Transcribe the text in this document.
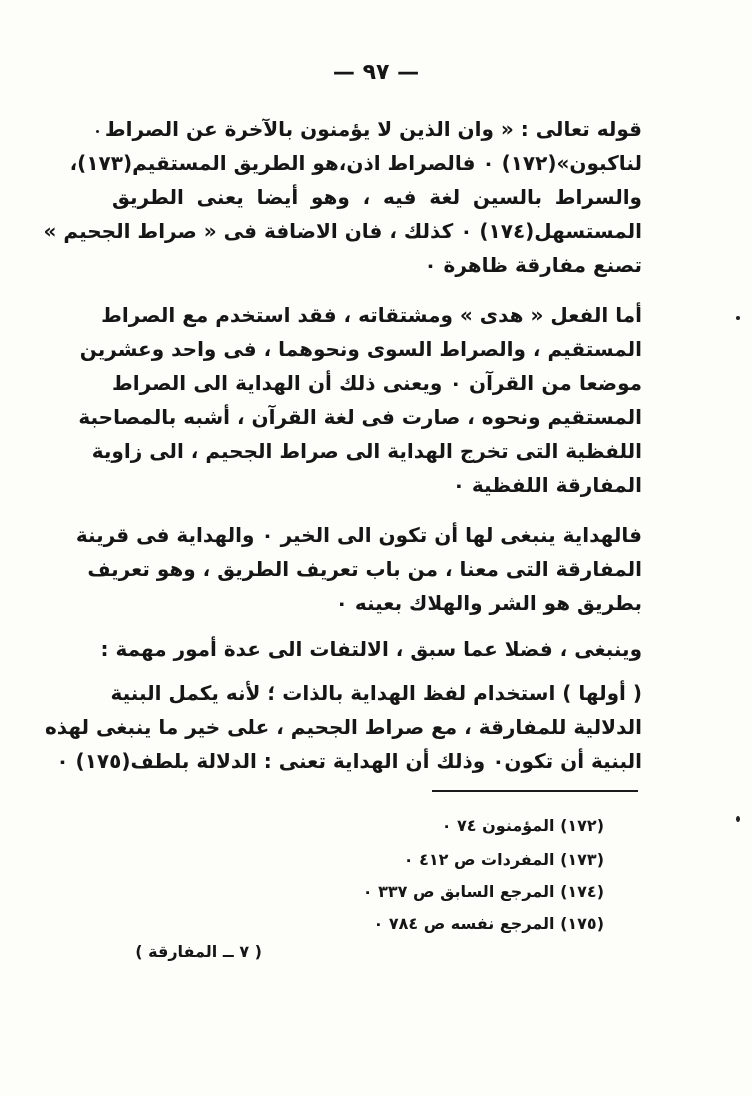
— ٩٧ —
قوله تعالى : « وان الذين لا يؤمنون بالآخرة عن الصراط
لناكبون»(١٧٢) ٠ فالصراط اذن،هو الطريق المستقيم(١٧٣)،
والسراط بالسين لغة فيه ، وهو أيضا يعنى الطريق
المستسهل(١٧٤) ٠ كذلك ، فان الاضافة فى « صراط الجحيم »
تصنع مفارقة ظاهرة ٠
أما الفعل « هدى » ومشتقاته ، فقد استخدم مع الصراط
المستقيم ، والصراط السوى ونحوهما ، فى واحد وعشرين
موضعا من القرآن ٠ ويعنى ذلك أن الهداية الى الصراط
المستقيم ونحوه ، صارت فى لغة القرآن ، أشبه بالمصاحبة
اللفظية التى تخرج الهداية الى صراط الجحيم ، الى زاوية
المفارقة اللفظية ٠
فالهداية ينبغى لها أن تكون الى الخير ٠ والهداية فى قرينة
المفارقة التى معنا ، من باب تعريف الطريق ، وهو تعريف
بطريق هو الشر والهلاك بعينه ٠
وينبغى ، فضلا عما سبق ، الالتفات الى عدة أمور مهمة :
( أولها ) استخدام لفظ الهداية بالذات ؛ لأنه يكمل البنية
الدلالية للمفارقة ، مع صراط الجحيم ، على خير ما ينبغى لهذه
البنية أن تكون٠ وذلك أن الهداية تعنى : الدلالة بلطف(١٧٥) ٠
(١٧٢) المؤمنون ٧٤ ٠
(١٧٣) المفردات ص ٤١٢ ٠
(١٧٤) المرجع السابق ص ٣٣٧ ٠
(١٧٥) المرجع نفسه ص ٧٨٤ ٠
( ٧ ــ المفارقة )
